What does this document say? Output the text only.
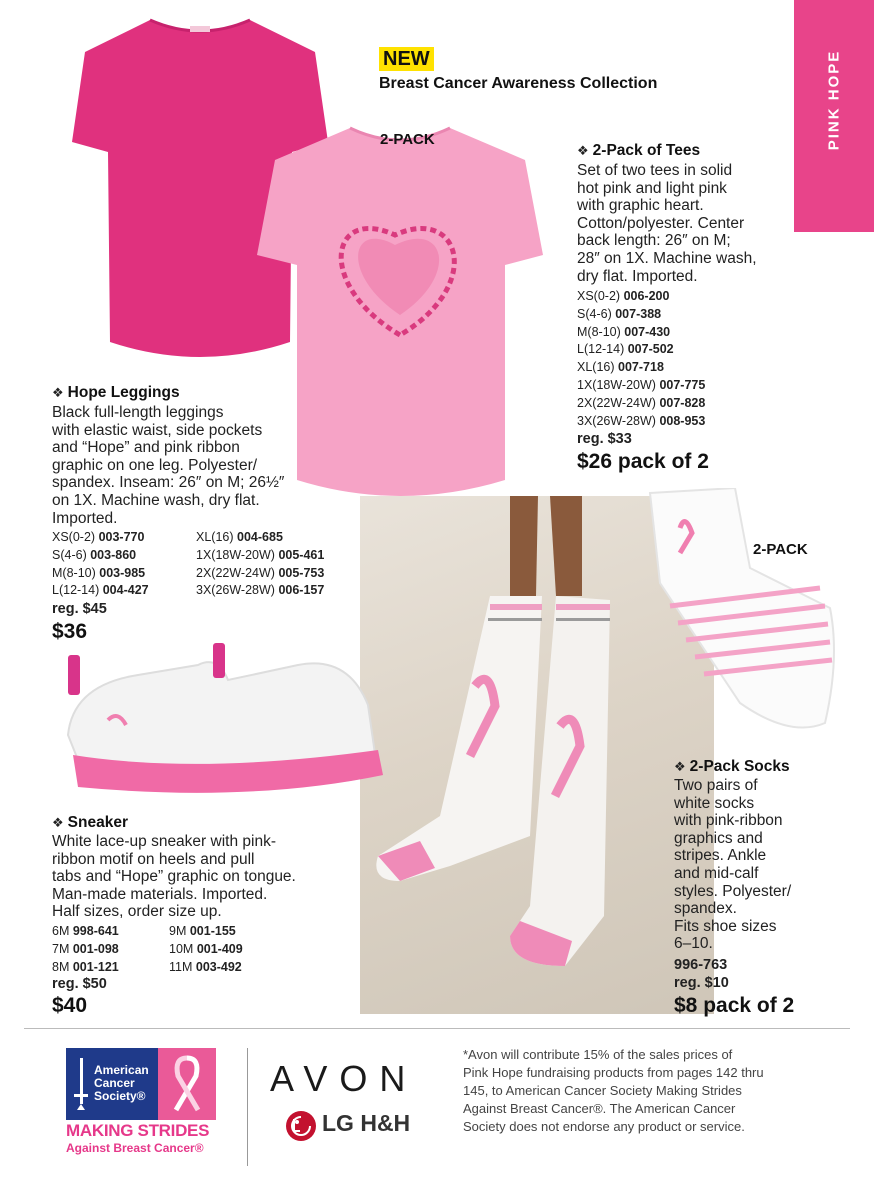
PINK HOPE
NEW
Breast Cancer Awareness Collection
2-PACK
❖ 2-Pack of Tees
Set of two tees in solid
hot pink and light pink
with graphic heart.
Cotton/polyester. Center
back length: 26″ on M;
28″ on 1X. Machine wash,
dry flat. Imported.
XS(0-2) 006-200
S(4-6) 007-388
M(8-10) 007-430
L(12-14) 007-502
XL(16) 007-718
1X(18W-20W) 007-775
2X(22W-24W) 007-828
3X(26W-28W) 008-953
reg. $33
$26 pack of 2
❖ Hope Leggings
Black full-length leggings
with elastic waist, side pockets
and “Hope” and pink ribbon
graphic on one leg. Polyester/
spandex. Inseam: 26″ on M; 26½″
on 1X. Machine wash, dry flat.
Imported.
XS(0-2) 003-770	XL(16) 004-685
S(4-6) 003-860	1X(18W-20W) 005-461
M(8-10) 003-985	2X(22W-24W) 005-753
L(12-14) 004-427	3X(26W-28W) 006-157
reg. $45
$36
2-PACK
❖ 2-Pack Socks
Two pairs of
white socks
with pink-ribbon
graphics and
stripes. Ankle
and mid-calf
styles. Polyester/
spandex.
Fits shoe sizes
6–10.
996-763
reg. $10
$8 pack of 2
❖ Sneaker
White lace-up sneaker with pink-
ribbon motif on heels and pull
tabs and “Hope” graphic on tongue.
Man-made materials. Imported.
Half sizes, order size up.
6M 998-641	9M 001-155
7M 001-098	10M 001-409
8M 001-121	11M 003-492
reg. $50
$40
American
Cancer
Society®
MAKING STRIDES
Against Breast Cancer®
AVON
LG H&H
*Avon will contribute 15% of the sales prices of
Pink Hope fundraising products from pages 142 thru
145, to American Cancer Society Making Strides
Against Breast Cancer®. The American Cancer
Society does not endorse any product or service.
